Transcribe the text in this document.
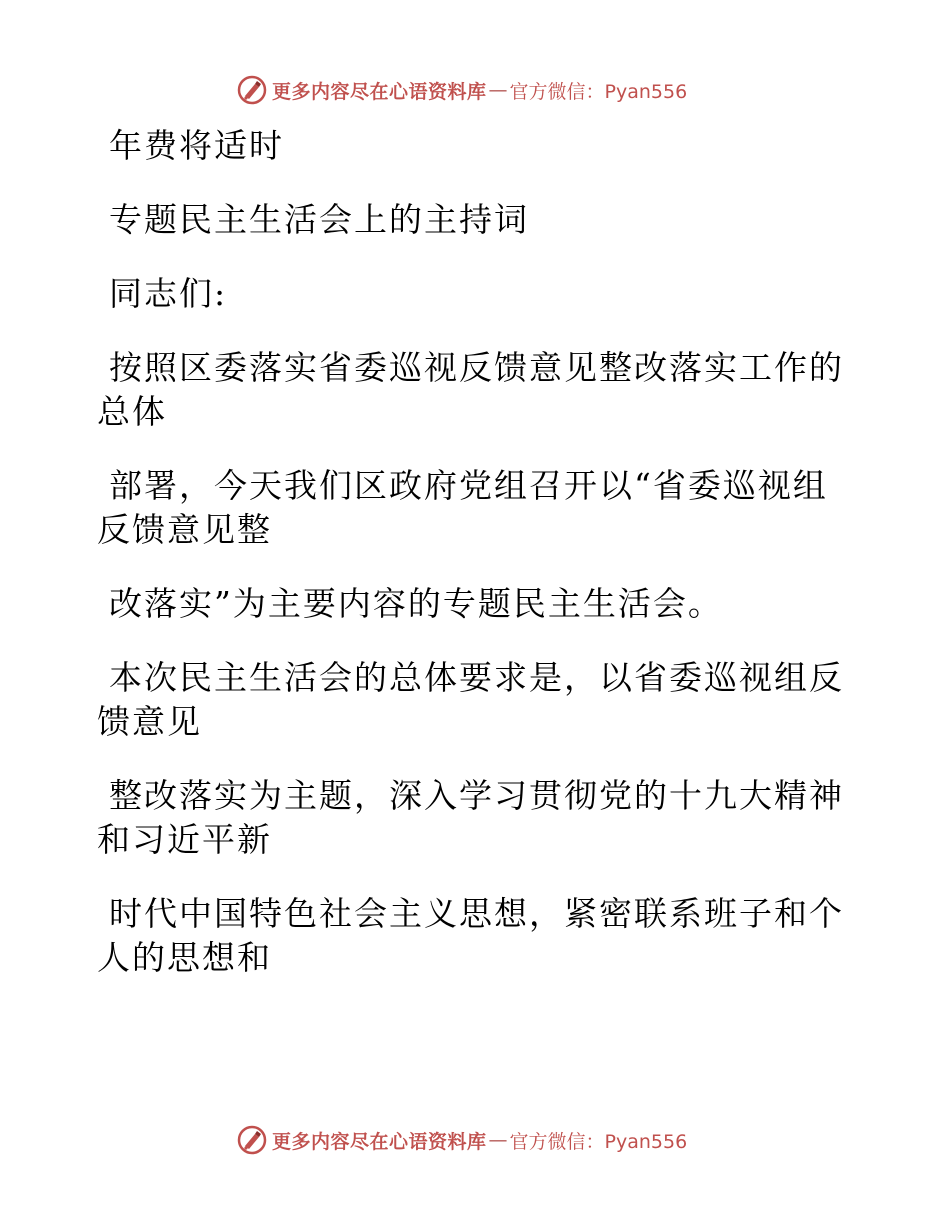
更多内容尽在心语资料库 — 官方微信：Pyan556

年费将适时

专题民主生活会上的主持词

同志们:

按照区委落实省委巡视反馈意见整改落实工作的
总体

部署，今天我们区政府党组召开以“省委巡视组
反馈意见整

改落实”为主要内容的专题民主生活会。

本次民主生活会的总体要求是，以省委巡视组反
馈意见

整改落实为主题，深入学习贯彻党的十九大精神
和习近平新

时代中国特色社会主义思想，紧密联系班子和个
人的思想和

更多内容尽在心语资料库 — 官方微信：Pyan556
